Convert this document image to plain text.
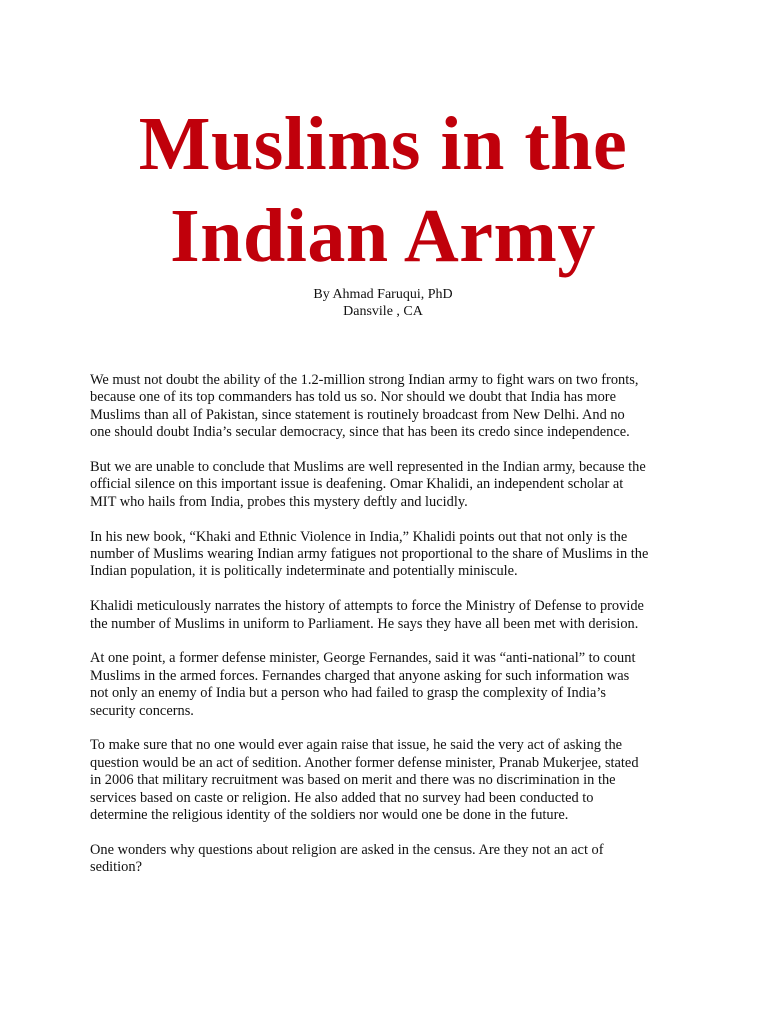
Muslims in the
Indian Army
By Ahmad Faruqui, PhD
Dansvile , CA

We must not doubt the ability of the 1.2-million strong Indian army to fight wars on two fronts,
because one of its top commanders has told us so. Nor should we doubt that India has more
Muslims than all of Pakistan, since statement is routinely broadcast from New Delhi. And no
one should doubt India’s secular democracy, since that has been its credo since independence.

But we are unable to conclude that Muslims are well represented in the Indian army, because the
official silence on this important issue is deafening. Omar Khalidi, an independent scholar at
MIT who hails from India, probes this mystery deftly and lucidly.

In his new book, “Khaki and Ethnic Violence in India,” Khalidi points out that not only is the
number of Muslims wearing Indian army fatigues not proportional to the share of Muslims in the
Indian population, it is politically indeterminate and potentially miniscule.

Khalidi meticulously narrates the history of attempts to force the Ministry of Defense to provide
the number of Muslims in uniform to Parliament. He says they have all been met with derision.

At one point, a former defense minister, George Fernandes, said it was “anti-national” to count
Muslims in the armed forces. Fernandes charged that anyone asking for such information was
not only an enemy of India but a person who had failed to grasp the complexity of India’s
security concerns.

To make sure that no one would ever again raise that issue, he said the very act of asking the
question would be an act of sedition. Another former defense minister, Pranab Mukerjee, stated
in 2006 that military recruitment was based on merit and there was no discrimination in the
services based on caste or religion. He also added that no survey had been conducted to
determine the religious identity of the soldiers nor would one be done in the future.

One wonders why questions about religion are asked in the census. Are they not an act of
sedition?
